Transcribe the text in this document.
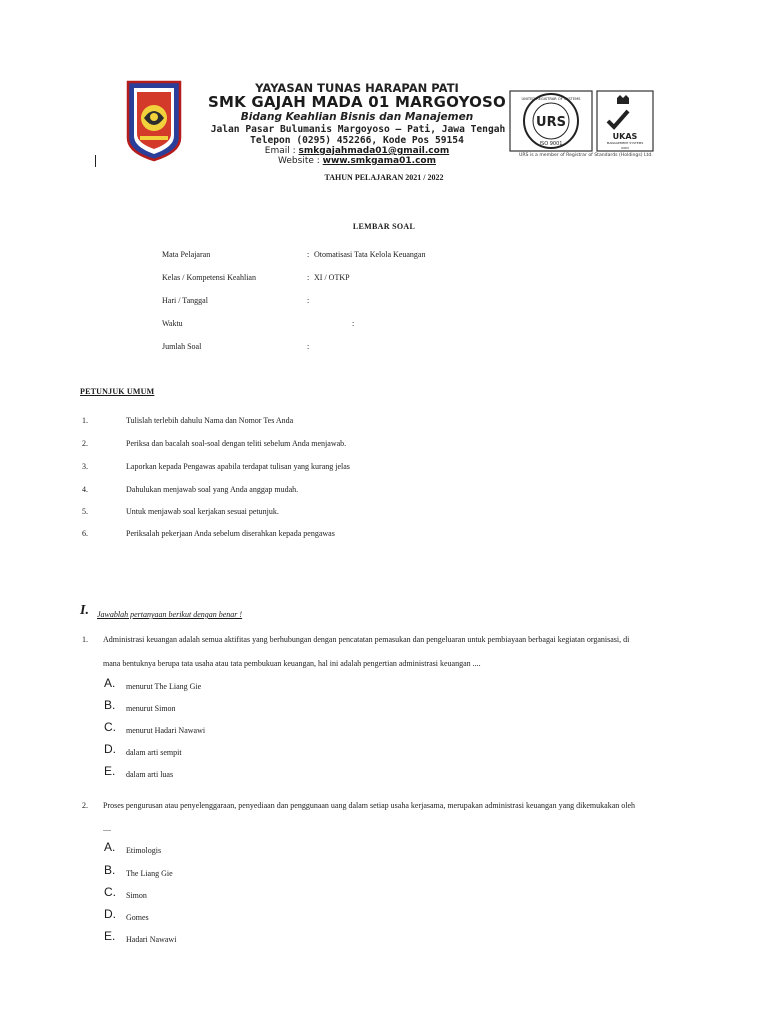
URS
ISO 9001
UNITED REGISTRAR OF SYSTEMS
UKAS
MANAGEMENT SYSTEMS
0063
YAYASAN TUNAS HARAPAN PATI
SMK GAJAH MADA 01 MARGOYOSO
Bidang Keahlian Bisnis dan Manajemen
Jalan Pasar Bulumanis Margoyoso – Pati, Jawa Tengah
Telepon (0295) 452266, Kode Pos 59154
Email : smkgajahmada01@gmail.com
Website : www.smkgama01.com
URS is a member of Registrar of Standards (Holdings) Ltd.
TAHUN PELAJARAN 2021 / 2022
LEMBAR SOAL
Mata Pelajaran	: Otomatisasi Tata Kelola Keuangan
Kelas / Kompetensi Keahlian	: XI / OTKP
Hari / Tanggal	:
Waktu	:
Jumlah Soal	:
PETUNJUK UMUM
1.	Tulislah terlebih dahulu Nama dan Nomor Tes Anda
2.	Periksa dan bacalah soal-soal dengan teliti sebelum Anda menjawab.
3.	Laporkan kepada Pengawas apabila terdapat tulisan yang kurang jelas
4.	Dahulukan menjawab soal yang Anda anggap mudah.
5.	Untuk menjawab soal kerjakan sesuai petunjuk.
6.	Periksalah pekerjaan Anda sebelum diserahkan kepada pengawas
I. Jawablah pertanyaan berikut dengan benar !
1. Administrasi keuangan adalah semua aktifitas yang berhubungan dengan pencatatan pemasukan dan pengeluaran untuk pembiayaan berbagai kegiatan organisasi, di
mana bentuknya berupa tata usaha atau tata pembukuan keuangan, hal ini adalah pengertian administrasi keuangan ....
A. menurut The Liang Gie
B. menurut Simon
C. menurut Hadari Nawawi
D. dalam arti sempit
E. dalam arti luas
2. Proses pengurusan atau penyelenggaraan, penyediaan dan penggunaan uang dalam setiap usaha kerjasama, merupakan administrasi keuangan yang dikemukakan oleh
....
A. Etimologis
B. The Liang Gie
C. Simon
D. Gomes
E. Hadari Nawawi
